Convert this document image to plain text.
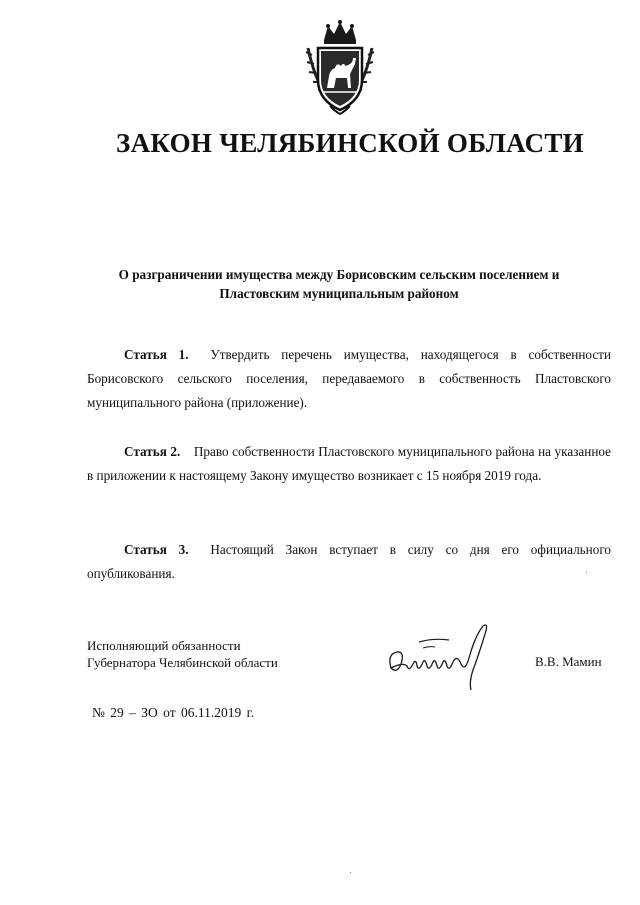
ЗАКОН ЧЕЛЯБИНСКОЙ ОБЛАСТИ
О разграничении имущества между Борисовским сельским поселением и
Пластовским муниципальным районом
Статья 1. Утвердить перечень имущества, находящегося в собственности Борисовского сельского поселения, передаваемого в собственность Пластовского муниципального района (приложение).
Статья 2. Право собственности Пластовского муниципального района на указанное в приложении к настоящему Закону имущество возникает с 15 ноября 2019 года.
Статья 3. Настоящий Закон вступает в силу со дня его официального опубликования.
Исполняющий обязанности
Губернатора Челябинской области	В.В. Мамин
№ 29 – ЗО от 06.11.2019 г.
